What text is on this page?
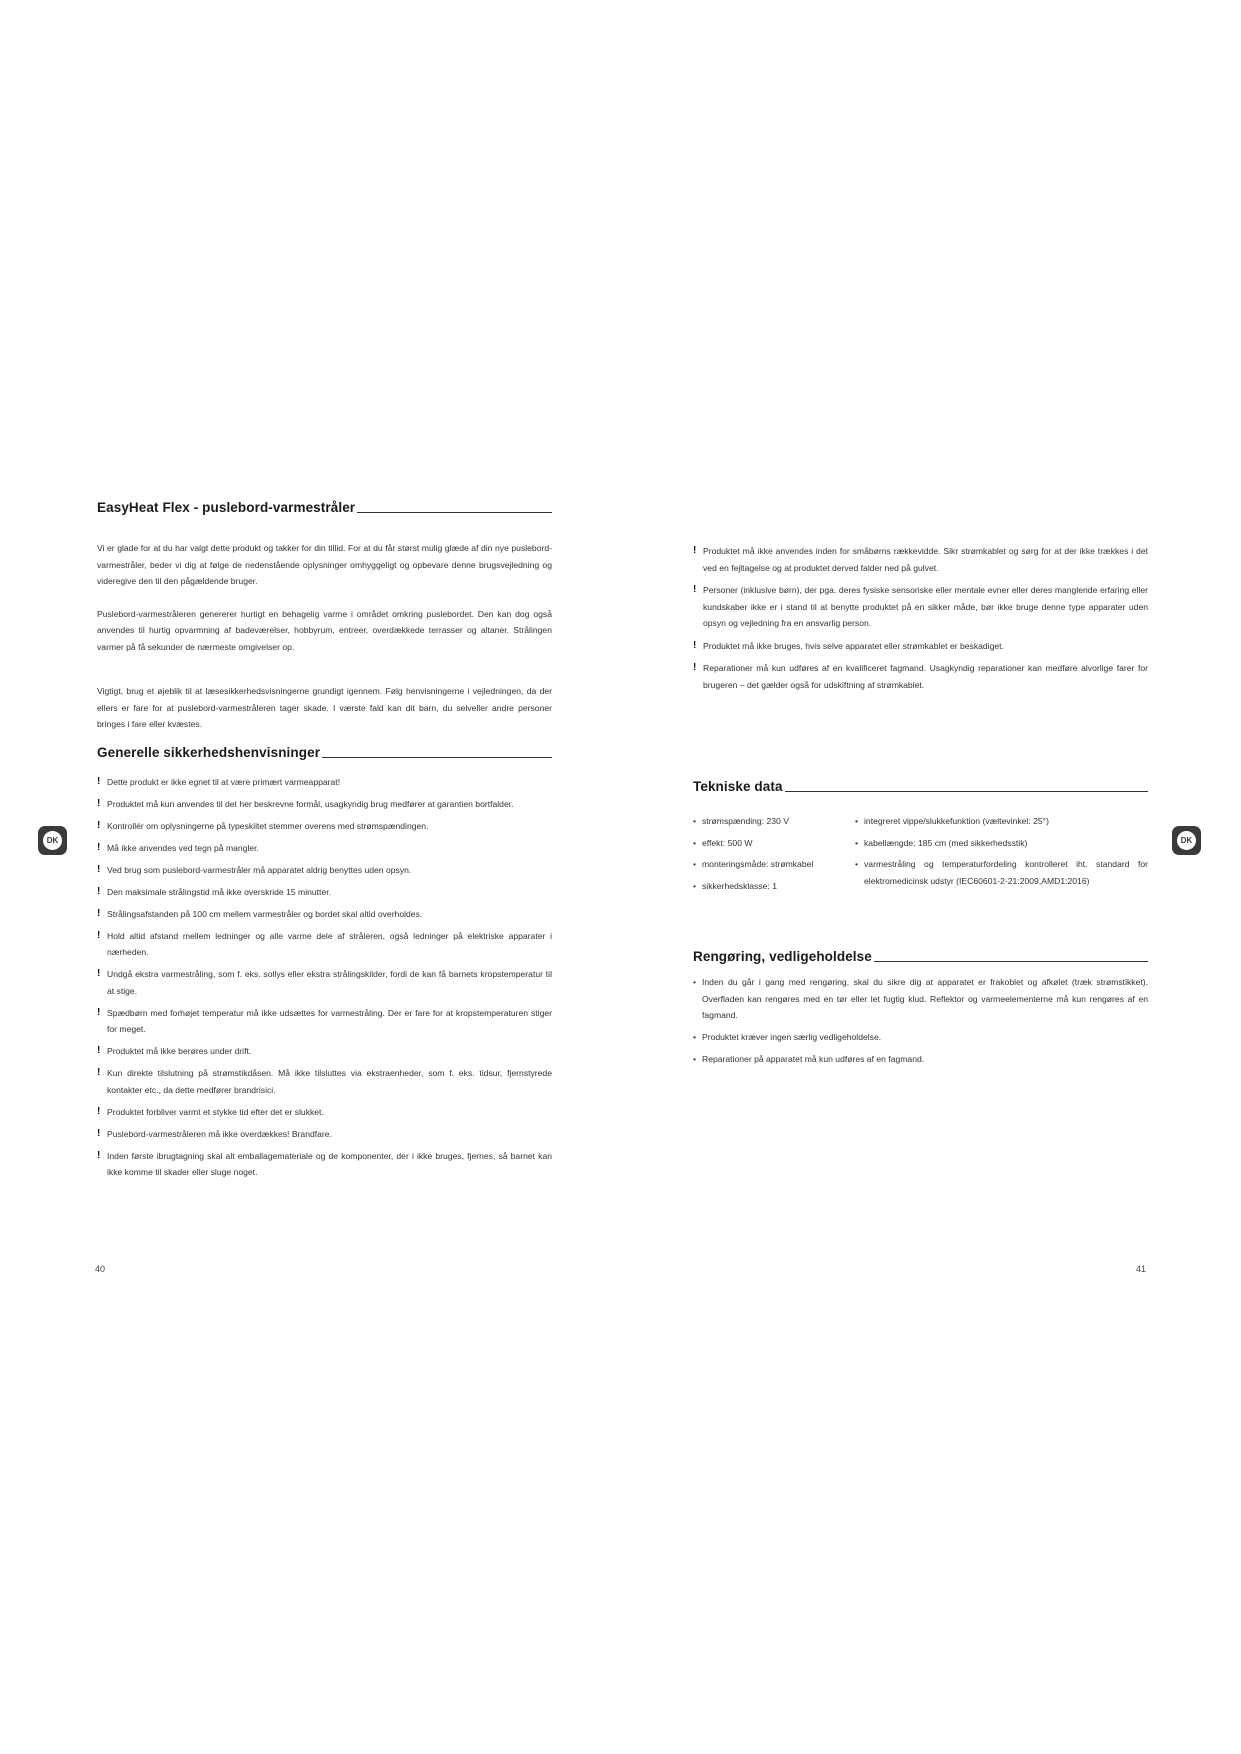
EasyHeat Flex - puslebord-varmestråler

Vi er glade for at du har valgt dette produkt og takker for din tillid. For at du får størst mulig glæde af din nye puslebord-varmestråler, beder vi dig at følge de nedenstående oplysninger omhyggeligt og opbevare denne brugsvejledning og videregive den til den pågældende bruger.

Puslebord-varmestråleren genererer hurtigt en behagelig varme i området omkring puslebordet. Den kan dog også anvendes til hurtig opvarmning af badeværelser, hobbyrum, entreer, overdækkede terrasser og altaner. Strålingen varmer på få sekunder de nærmeste omgivelser op.

Vigtigt, brug et øjeblik til at læsesikkerhedsvisningerne grundigt igennem. Følg henvisningerne i vejledningen, da der ellers er fare for at puslebord-varmestråleren tager skade. I værste fald kan dit barn, du selveller andre personer bringes i fare eller kvæstes.

Generelle sikkerhedshenvisninger
! Dette produkt er ikke egnet til at være primært varmeapparat!
! Produktet må kun anvendes til det her beskrevne formål, usagkyndig brug medfører at garantien bortfalder.
! Kontrollér om oplysningerne på typeskiltet stemmer overens med strømspændingen.
! Må ikke anvendes ved tegn på mangler.
! Ved brug som puslebord-varmestråler må apparatet aldrig benyttes uden opsyn.
! Den maksimale strålingstid må ikke overskride 15 minutter.
! Strålingsafstanden på 100 cm mellem varmestråler og bordet skal altid overholdes.
! Hold altid afstand mellem ledninger og alle varme dele af stråleren, også ledninger på elektriske apparater i nærheden.
! Undgå ekstra varmestråling, som f. eks. sollys eller ekstra strålingskilder, fordi de kan få barnets kropstemperatur til at stige.
! Spædbørn med forhøjet temperatur må ikke udsættes for varmestråling. Der er fare for at kropstemperaturen stiger for meget.
! Produktet må ikke berøres under drift.
! Kun direkte tilslutning på strømstikdåsen. Må ikke tilsluttes via ekstraenheder, som f. eks. tidsur, fjernstyrede kontakter etc., da dette medfører brandrisici.
! Produktet forbliver varmt et stykke tid efter det er slukket.
! Puslebord-varmestråleren må ikke overdækkes! Brandfare.
! Inden første ibrugtagning skal alt emballagemateriale og de komponenter, der i ikke bruges, fjernes, så barnet kan ikke komme til skader eller sluge noget.
! Produktet må ikke anvendes inden for småbørns rækkevidde. Sikr strømkablet og sørg for at der ikke trækkes i det ved en fejltagelse og at produktet derved falder ned på gulvet.
! Personer (inklusive børn), der pga. deres fysiske sensoriske eller mentale evner eller deres manglende erfaring eller kundskaber ikke er i stand til at benytte produktet på en sikker måde, bør ikke bruge denne type apparater uden opsyn og vejledning fra en ansvarlig person.
! Produktet må ikke bruges, hvis selve apparatet eller strømkablet er beskadiget.
! Reparationer må kun udføres af en kvalificeret fagmand. Usagkyndig reparationer kan medføre alvorlige farer for brugeren – det gælder også for udskiftning af strømkablet.
Tekniske data
• strømspænding: 230 V
• effekt: 500 W
• monteringsmåde: strømkabel
• sikkerhedsklasse: 1
• integreret vippe/slukkefunktion (væltevinkel: 25°)
• kabellængde: 185 cm (med sikkerhedsstik)
• varmestråling og temperaturfordeling kontrolleret iht. standard for elektromedicinsk udstyr (IEC60601-2-21:2009,AMD1:2016)
Rengøring, vedligeholdelse
• Inden du går i gang med rengøring, skal du sikre dig at apparatet er frakoblet og afkølet (træk strømstikket). Overfladen kan rengøres med en tør eller let fugtig klud. Reflektor og varmeelementerne må kun rengøres af en fagmand.
• Produktet kræver ingen særlig vedligeholdelse.
• Reparationer på apparatet må kun udføres af en fagmand.
DK	DK
40	41
